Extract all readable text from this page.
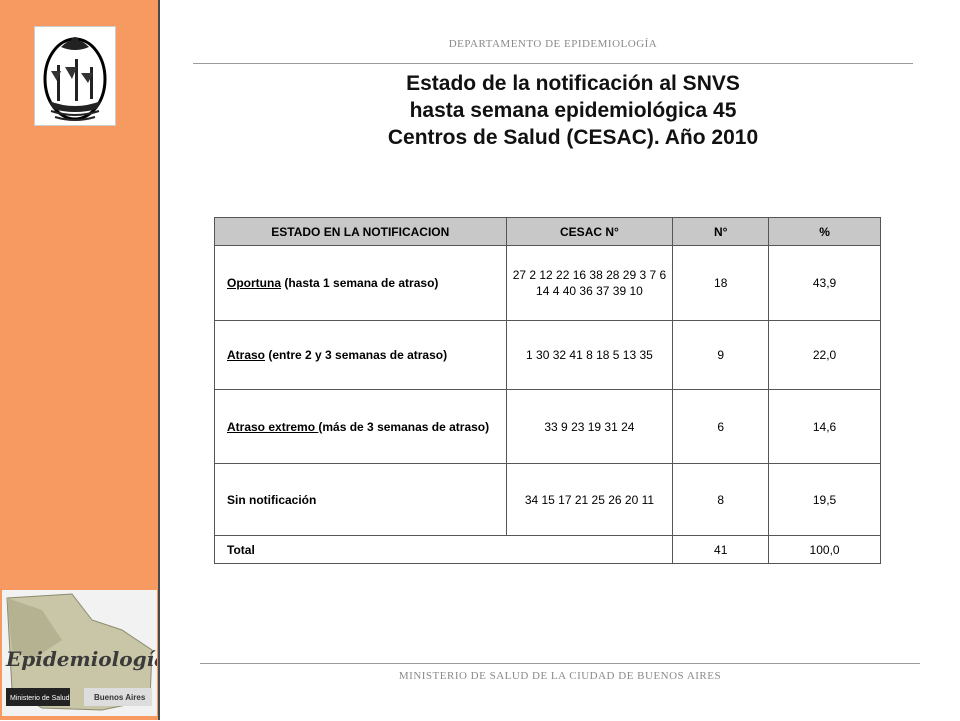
Epidemiología
Ministerio de Salud	Buenos Aires
DEPARTAMENTO DE EPIDEMIOLOGÍA
Estado de la notificación al SNVS
hasta semana epidemiológica 45
Centros de Salud (CESAC). Año 2010
ESTADO EN LA NOTIFICACION	CESAC N°	N°	%
Oportuna (hasta 1 semana de atraso)	27 2 12 22 16 38 28 29 3 7 6 14 4 40 36 37 39 10	18	43,9
Atraso (entre 2 y 3 semanas de atraso)	1 30 32 41 8 18 5 13 35	9	22,0
Atraso extremo (más de 3 semanas de atraso)	33 9 23 19 31 24	6	14,6
Sin notificación	34 15 17 21 25 26 20 11	8	19,5
Total		41	100,0
MINISTERIO DE SALUD DE LA CIUDAD DE BUENOS AIRES
